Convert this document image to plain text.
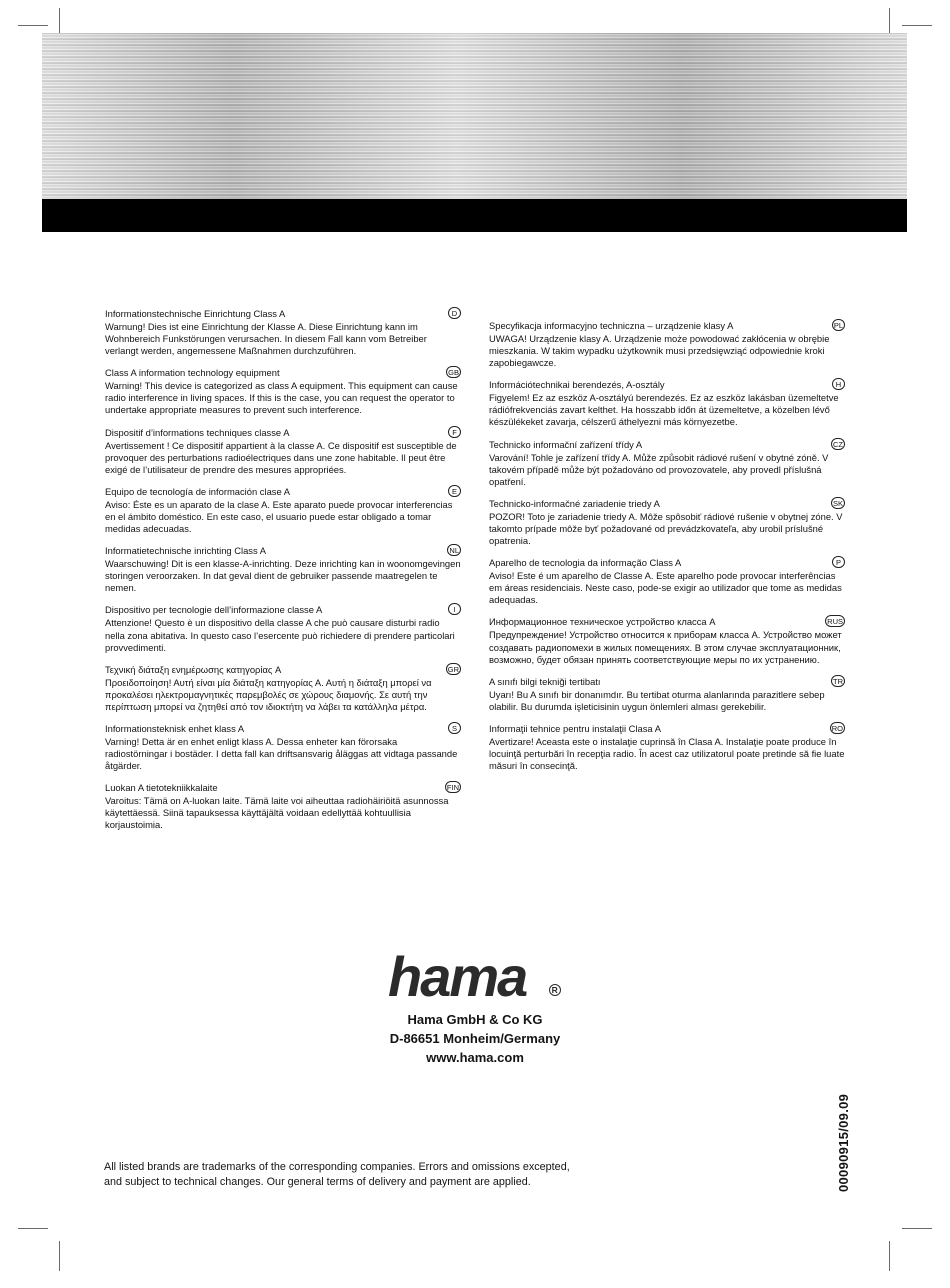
Informationstechnische Einrichtung Class A	D

Warnung! Dies ist eine Einrichtung der Klasse A. Diese Einrichtung kann im Wohnbereich Funkstörungen verursachen. In diesem Fall kann vom Betreiber verlangt werden, angemessene Maßnahmen durchzuführen.

Class A information technology equipment	GB

Warning! This device is categorized as class A equipment. This equipment can cause radio interference in living spaces. If this is the case, you can request the operator to undertake appropriate measures to prevent such interference.

Dispositif d’informations techniques classe A	F

Avertissement ! Ce dispositif appartient à la classe A. Ce dispositif est susceptible de provoquer des perturbations radioélectriques dans une zone habitable. Il peut être exigé de l’utilisateur de prendre des mesures appropriées.

Equipo de tecnología de información clase A	E

Aviso: Éste es un aparato de la clase A. Este aparato puede provocar interferencias en el ámbito doméstico. En este caso, el usuario puede estar obligado a tomar medidas adecuadas.

Informatietechnische inrichting Class A	NL

Waarschuwing! Dit is een klasse-A-inrichting. Deze inrichting kan in woonomgevingen storingen veroorzaken. In dat geval dient de gebruiker passende maatregelen te nemen.

Dispositivo per tecnologie dell’informazione classe A	I

Attenzione! Questo è un dispositivo della classe A che può causare disturbi radio nella zona abitativa. In questo caso l’esercente può richiedere di prendere particolari provvedimenti.

Τεχνική διάταξη ενημέρωσης κατηγορίας A	GR

Προειδοποίηση! Αυτή είναι μία διάταξη κατηγορίας Α. Αυτή η διάταξη μπορεί να προκαλέσει ηλεκτρομαγνητικές παρεμβολές σε χώρους διαμονής. Σε αυτή την περίπτωση μπορεί να ζητηθεί από τον ιδιοκτήτη να λάβει τα κατάλληλα μέτρα.

Informationsteknisk enhet klass A	S

Varning! Detta är en enhet enligt klass A. Dessa enheter kan förorsaka radiostörningar i bostäder. I detta fall kan driftsansvarig åläggas att vidtaga passande åtgärder.

Luokan A tietotekniikkalaite	FIN

Varoitus: Tämä on A-luokan laite. Tämä laite voi aiheuttaa radiohäiriöitä asunnossa käytettäessä. Siinä tapauksessa käyttäjältä voidaan edellyttää kohtuullisia korjaustoimia.

Specyfikacja informacyjno techniczna – urządzenie klasy A	PL

UWAGA! Urządzenie klasy A. Urządzenie może powodować zakłócenia w obrębie mieszkania. W takim wypadku użytkownik musi przedsięwziąć odpowiednie kroki zapobiegawcze.

Információtechnikai berendezés, A-osztály	H

Figyelem! Ez az eszköz A-osztályú berendezés. Ez az eszköz lakásban üzemeltetve rádiófrekvenciás zavart kelthet. Ha hosszabb időn át üzemeltetve, a közelben lévő készülékeket zavarja, célszerű áthelyezni más környezetbe.

Technicko informační zařízení třídy A	CZ

Varování! Tohle je zařízení třídy A. Může způsobit rádiové rušení v obytné zóně. V takovém případě může být požadováno od provozovatele, aby provedl příslušná opatření.

Technicko-informačné zariadenie triedy A	SK

POZOR! Toto je zariadenie triedy A. Môže spôsobiť rádiové rušenie v obytnej zóne. V takomto prípade môže byť požadované od prevádzkovateľa, aby urobil príslušné opatrenia.

Aparelho de tecnologia da informação Class A	P

Aviso! Este é um aparelho de Classe A. Este aparelho pode provocar interferências em áreas residenciais. Neste caso, pode-se exigir ao utilizador que tome as medidas adequadas.

Информационное техническое устройство класса A	RUS

Предупреждение! Устройство относится к приборам класса А. Устройство может создавать радиопомехи в жилых помещениях. В этом случае эксплуатационник, возможно, будет обязан принять соответствующие меры по их устранению.

A sınıfı bilgi tekniği tertibatı	TR

Uyarı! Bu A sınıfı bir donanımdır. Bu tertibat oturma alanlarında parazitlere sebep olabilir. Bu durumda işleticisinin uygun önlemleri alması gerekebilir.

Informaţii tehnice pentru instalaţii Clasa A	RO

Avertizare! Aceasta este o instalaţie cuprinsă în Clasa A. Instalaţie poate produce în locuinţă perturbări în recepţia radio. În acest caz utilizatorul poate pretinde să fie luate măsuri în consecinţă.

hama	R
Hama GmbH & Co KG
D-86651 Monheim/Germany
www.hama.com
00090915/09.09
All listed brands are trademarks of the corresponding companies. Errors and omissions excepted,
and subject to technical changes. Our general terms of delivery and payment are applied.
